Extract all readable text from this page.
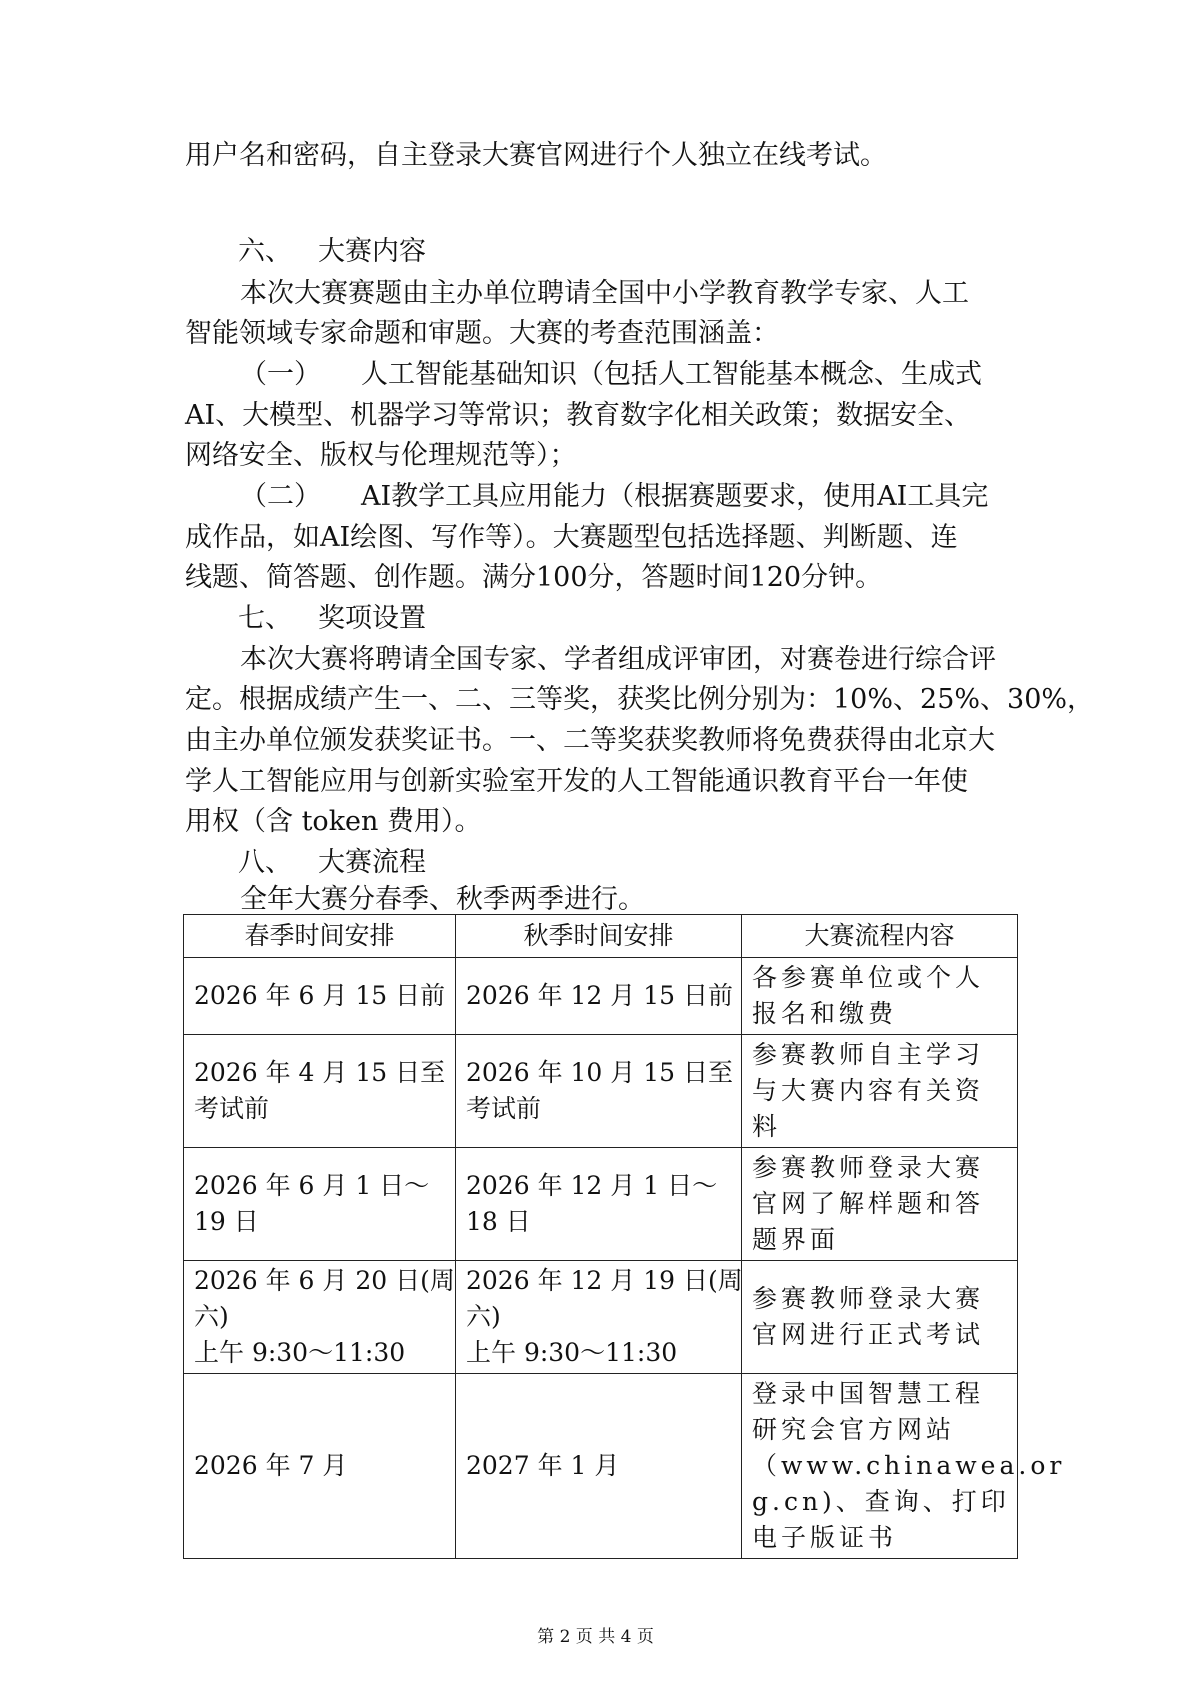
用户名和密码，自主登录大赛官网进行个人独立在线考试。
六、 大赛内容
本次大赛赛题由主办单位聘请全国中小学教育教学专家、人工
智能领域专家命题和审题。大赛的考查范围涵盖：
（一） 人工智能基础知识（包括人工智能基本概念、生成式
AI、大模型、机器学习等常识；教育数字化相关政策；数据安全、
网络安全、版权与伦理规范等）；
（二） AI教学工具应用能力（根据赛题要求，使用AI工具完
成作品，如AI绘图、写作等）。大赛题型包括选择题、判断题、连
线题、简答题、创作题。满分100分，答题时间120分钟。
七、 奖项设置
本次大赛将聘请全国专家、学者组成评审团，对赛卷进行综合评
定。根据成绩产生一、二、三等奖，获奖比例分别为：10%、25%、30%，
由主办单位颁发获奖证书。一、二等奖获奖教师将免费获得由北京大
学人工智能应用与创新实验室开发的人工智能通识教育平台一年使
用权（含 token 费用）。
八、 大赛流程
全年大赛分春季、秋季两季进行。
春季时间安排	秋季时间安排	大赛流程内容

2026 年 6 月 15 日前	2026 年 12 月 15 日前	各参赛单位或个人
报名和缴费

2026 年 4 月 15 日至
考试前	2026 年 10 月 15 日至
考试前	参赛教师自主学习
与大赛内容有关资
料

2026 年 6 月 1 日～
19 日	2026 年 12 月 1 日～
18 日	参赛教师登录大赛
官网了解样题和答
题界面

2026 年 6 月 20 日(周
六)
上午 9:30～11:30	2026 年 12 月 19 日(周
六)
上午 9:30～11:30	参赛教师登录大赛
官网进行正式考试

2026 年 7 月	2027 年 1 月	登录中国智慧工程
研究会官方网站
（www.chinawea.or
g.cn)、查询、打印
电子版证书
第 2 页 共 4 页
